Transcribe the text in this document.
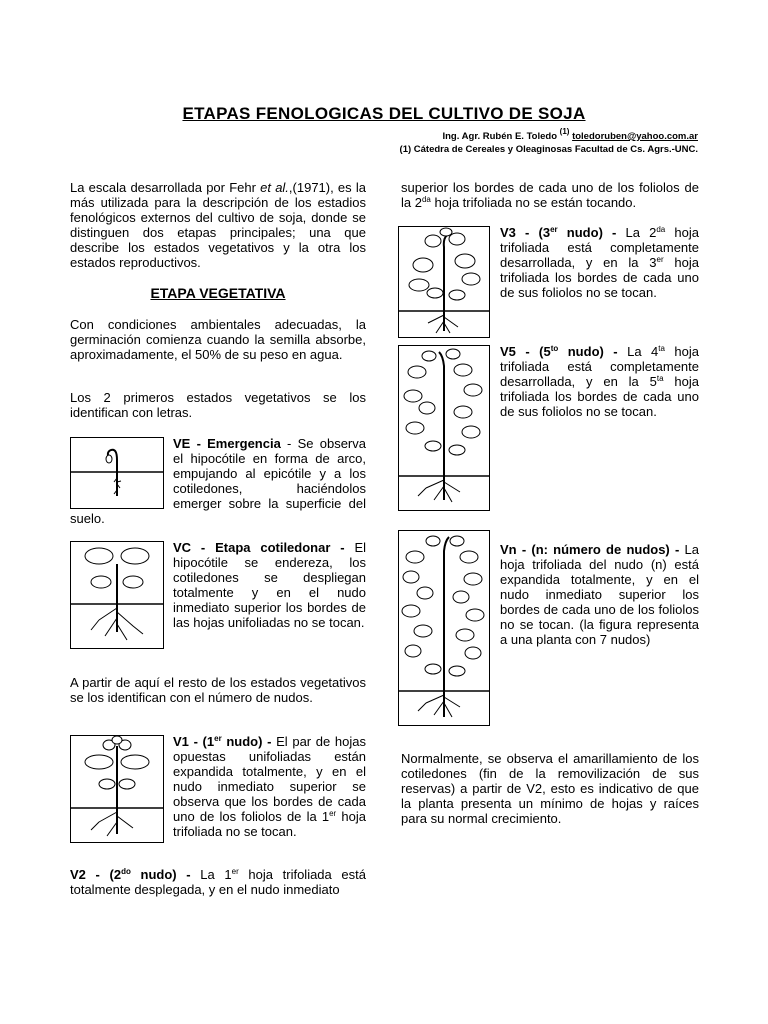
ETAPAS FENOLOGICAS DEL CULTIVO DE SOJA
Ing. Agr. Rubén E. Toledo $^{(1)}$ toledoruben@yahoo.com.ar
(1) Cátedra de Cereales y Oleaginosas Facultad de Cs. Agrs.-UNC.
La escala desarrollada por Fehr et al.,(1971), es la más utilizada para la descripción de los estadios fenológicos externos del cultivo de soja, donde se distinguen dos etapas principales; una que describe los estados vegetativos y la otra los estados reproductivos.
ETAPA VEGETATIVA
Con condiciones ambientales adecuadas, la germinación comienza cuando la semilla absorbe, aproximadamente, el 50% de su peso en agua.
Los 2 primeros estados vegetativos se los identifican con letras.
VE - Emergencia - Se observa el hipocótile en forma de arco, empujando al epicótile y a los cotiledones, haciéndolos emerger sobre la superficie del suelo.
VC - Etapa cotiledonar - El hipocótile se endereza, los cotiledones se despliegan totalmente y en el nudo inmediato superior los bordes de las hojas unifoliadas no se tocan.
A partir de aquí el resto de los estados vegetativos se los identifican con el número de nudos.
V1 - (1er nudo) - El par de hojas opuestas unifoliadas están expandida totalmente, y en el nudo inmediato superior se observa que los bordes de cada uno de los foliolos de la 1er hoja trifoliada no se tocan.
$V2 - (2^{do}$ nudo) - La 1er hoja trifoliada está totalmente desplegada, y en el nudo inmediato
superior los bordes de cada uno de los foliolos de la $2^{da}$ hoja trifoliada no se están tocando.
V3 - (3er nudo) - La $2^{da}$ hoja trifoliada está completamente desarrollada, y en la 3er hoja trifoliada los bordes de cada uno de sus foliolos no se tocan.
$V5 - (5^{to}$ nudo) - La $4^{ta}$ hoja trifoliada está completamente desarrollada, y en la $5^{ta}$ hoja trifoliada los bordes de cada uno de sus foliolos no se tocan.
Vn - (n: número de nudos) - La hoja trifoliada del nudo (n) está expandida totalmente, y en el nudo inmediato superior los bordes de cada uno de los foliolos no se tocan. (la figura representa a una planta con 7 nudos)
Normalmente, se observa el amarillamiento de los cotiledones (fin de la removilización de sus reservas) a partir de V2, esto es indicativo de que la planta presenta un mínimo de hojas y raíces para su normal crecimiento.
